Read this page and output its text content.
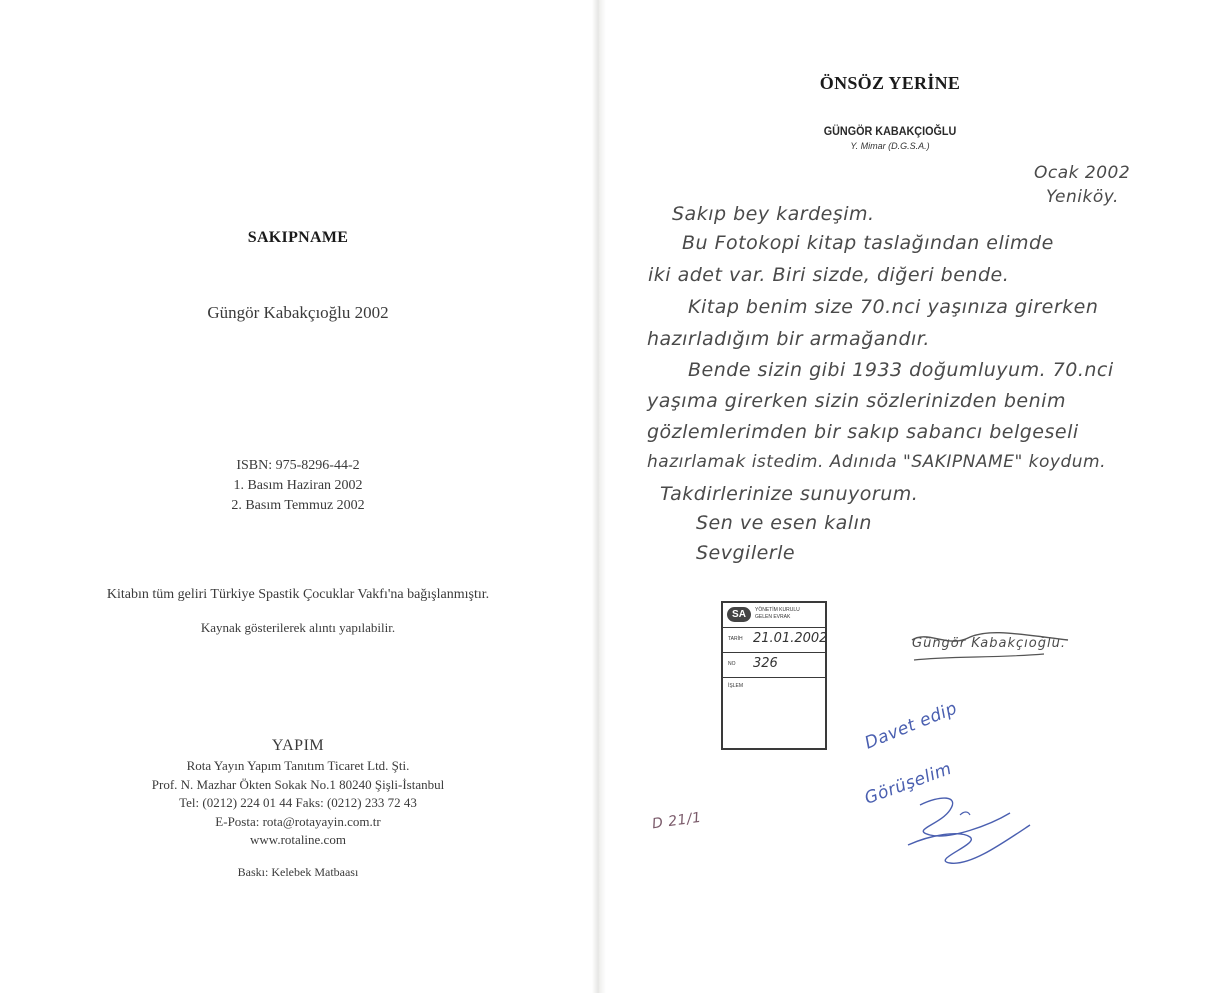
SAKIPNAME
Güngör Kabakçıoğlu 2002
ISBN: 975-8296-44-2
1. Basım Haziran 2002
2. Basım Temmuz 2002
Kitabın tüm geliri Türkiye Spastik Çocuklar Vakfı'na bağışlanmıştır.
Kaynak gösterilerek alıntı yapılabilir.
YAPIM
Rota Yayın Yapım Tanıtım Ticaret Ltd. Şti.
Prof. N. Mazhar Ökten Sokak No.1 80240 Şişli-İstanbul
Tel: (0212) 224 01 44 Faks: (0212) 233 72 43
E-Posta: rota@rotayayin.com.tr
www.rotaline.com
Baskı: Kelebek Matbaası
ÖNSÖZ YERİNE
GÜNGÖR KABAKÇIOĞLU
Y. Mimar (D.G.S.A.)
Ocak 2002
Yeniköy.
Sakıp bey kardeşim.
Bu Fotokopi kitap taslağından elimde
iki adet var. Biri sizde, diğeri bende.
Kitap benim size 70.nci yaşınıza girerken
hazırladığım bir armağandır.
Bende sizin gibi 1933 doğumluyum. 70.nci
yaşıma girerken sizin sözlerinizden benim
gözlemlerimden bir sakıp sabancı belgeseli
hazırlamak istedim. Adınıda "SAKIPNAME" koydum.
Takdirlerinize sunuyorum.
Sen ve esen kalın
Sevgilerle
Güngör Kabakçıoğlu.
SA	YÖNETİM KURULU
GELEN EVRAK
TARİH 21.01.2002
NO 326
İŞLEM
Davet edip
Görüşelim
D 21/1
